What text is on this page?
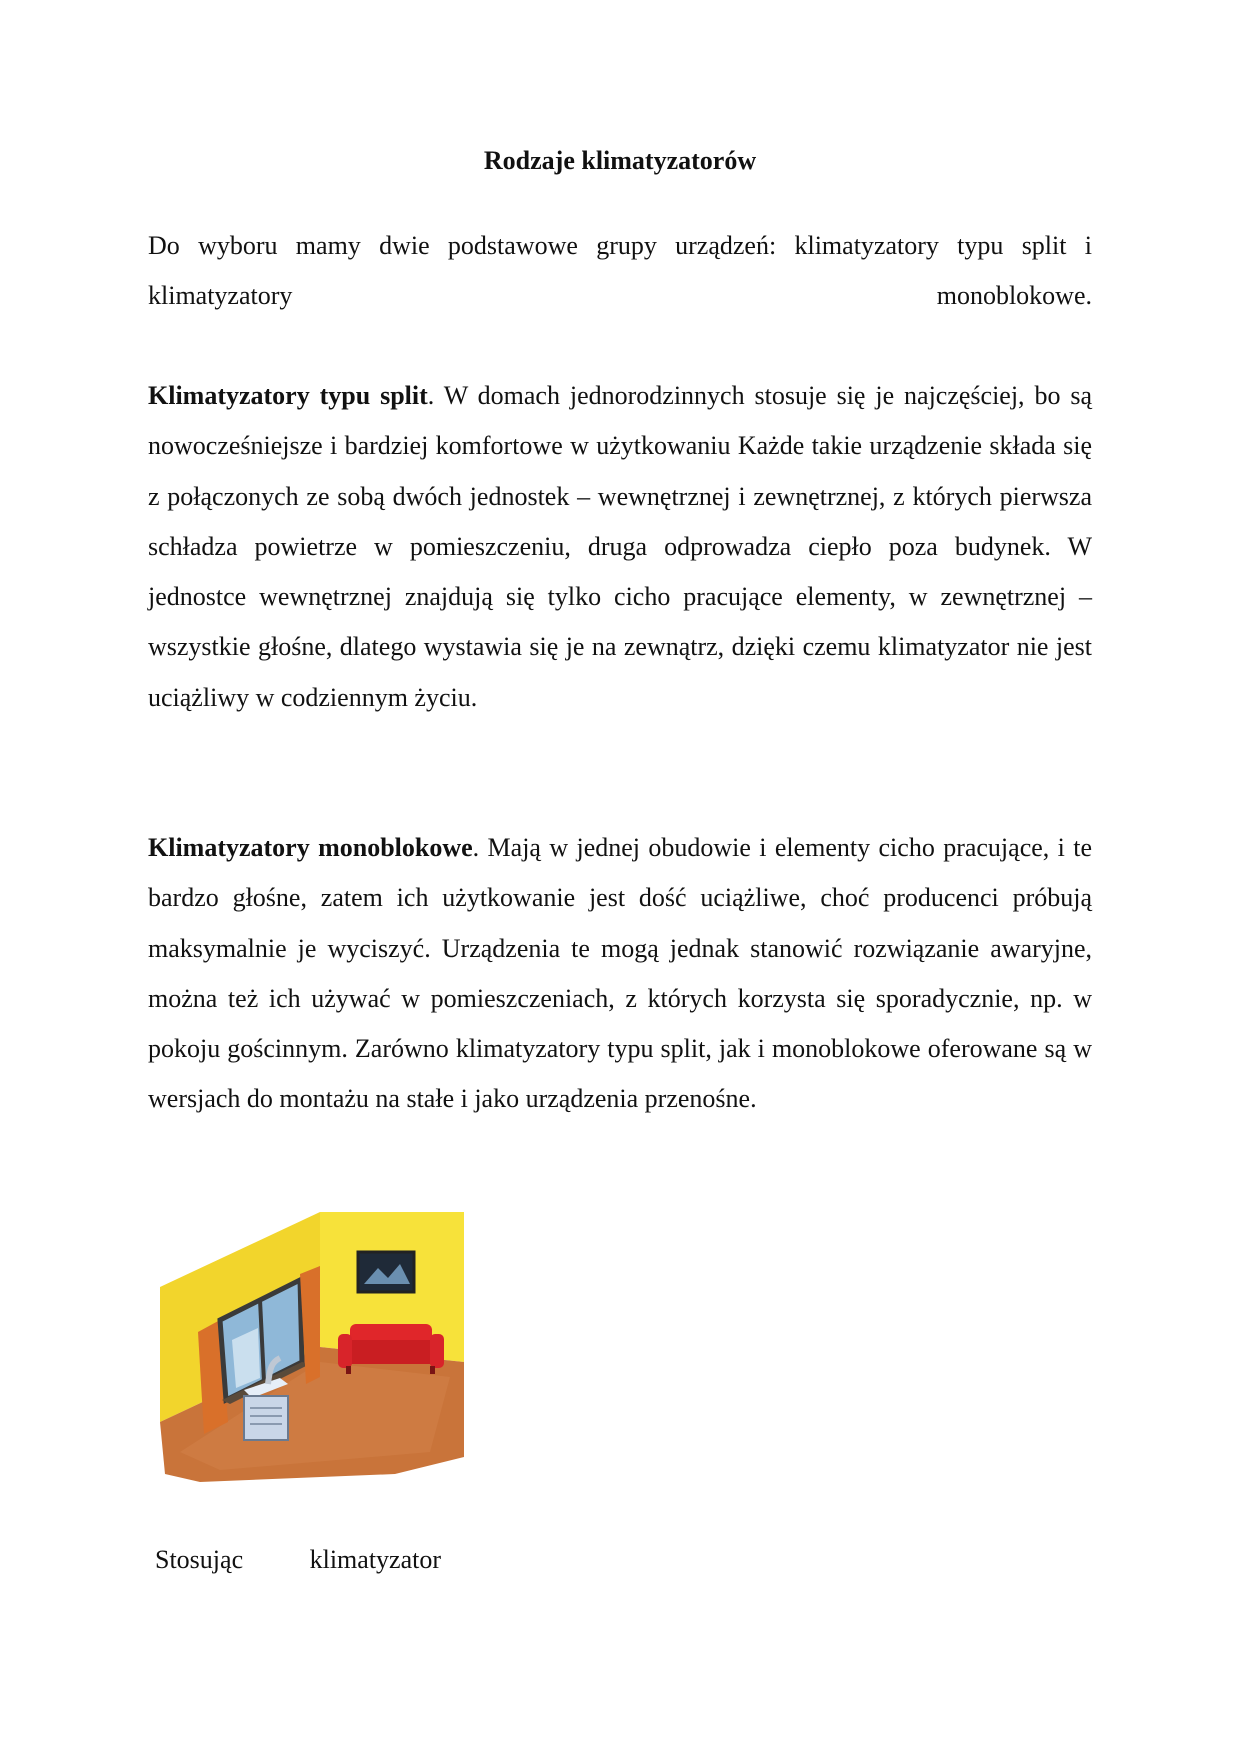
Rodzaje klimatyzatorów
Do wyboru mamy dwie podstawowe grupy urządzeń: klimatyzatory typu split i klimatyzatory monoblokowe.
Klimatyzatory typu split. W domach jednorodzinnych stosuje się je najczęściej, bo są nowocześniejsze i bardziej komfortowe w użytkowaniu Każde takie urządzenie składa się z połączonych ze sobą dwóch jednostek – wewnętrznej i zewnętrznej, z których pierwsza schładza powietrze w pomieszczeniu, druga odprowadza ciepło poza budynek. W jednostce wewnętrznej znajdują się tylko cicho pracujące elementy, w zewnętrznej – wszystkie głośne, dlatego wystawia się je na zewnątrz, dzięki czemu klimatyzator nie jest uciążliwy w codziennym życiu.
Klimatyzatory monoblokowe. Mają w jednej obudowie i elementy cicho pracujące, i te bardzo głośne, zatem ich użytkowanie jest dość uciążliwe, choć producenci próbują maksymalnie je wyciszyć. Urządzenia te mogą jednak stanowić rozwiązanie awaryjne, można też ich używać w pomieszczeniach, z których korzysta się sporadycznie, np. w pokoju gościnnym. Zarówno klimatyzatory typu split, jak i monoblokowe oferowane są w wersjach do montażu na stałe i jako urządzenia przenośne.
Stosując klimatyzator
